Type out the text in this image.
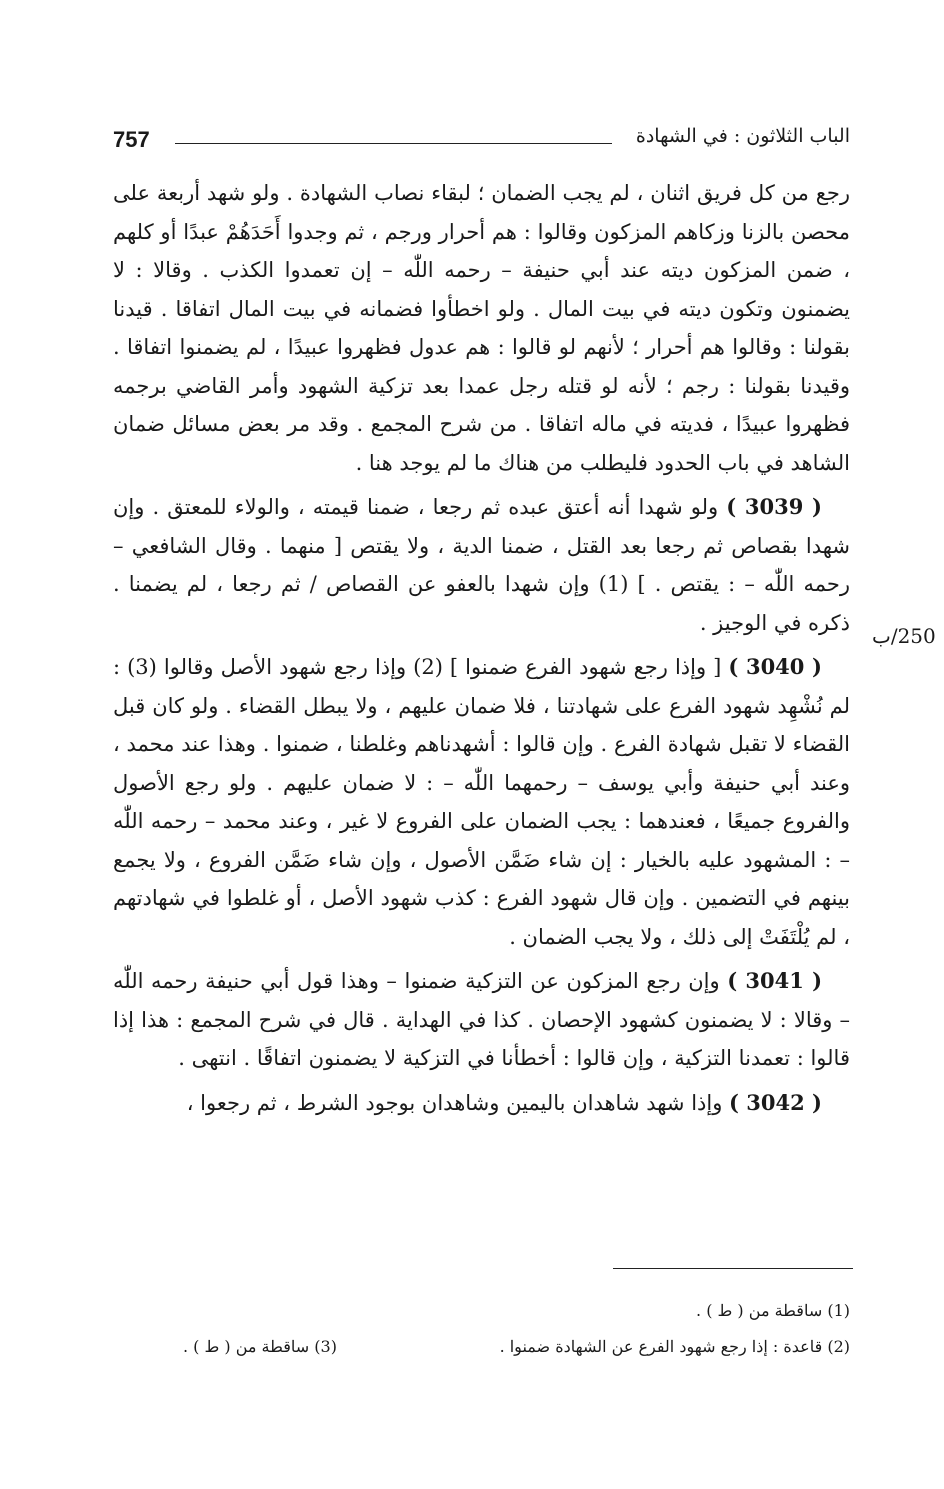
757	الباب الثلاثون : في الشهادة
250/ب

رجع من كل فريق اثنان ، لم يجب الضمان ؛ لبقاء نصاب الشهادة . ولو شهد أربعة على محصن بالزنا وزكاهم المزكون وقالوا : هم أحرار ورجم ، ثم وجدوا أَحَدَهُمْ عبدًا أو كلهم ، ضمن المزكون ديته عند أبي حنيفة – رحمه اللّٰه – إن تعمدوا الكذب . وقالا : لا يضمنون وتكون ديته في بيت المال . ولو اخطأوا فضمانه في بيت المال اتفاقا . قيدنا بقولنا : وقالوا هم أحرار ؛ لأنهم لو قالوا : هم عدول فظهروا عبيدًا ، لم يضمنوا اتفاقا . وقيدنا بقولنا : رجم ؛ لأنه لو قتله رجل عمدا بعد تزكية الشهود وأمر القاضي برجمه فظهروا عبيدًا ، فديته في ماله اتفاقا . من شرح المجمع . وقد مر بعض مسائل ضمان الشاهد في باب الحدود فليطلب من هناك ما لم يوجد هنا .

( 3039 ) ولو شهدا أنه أعتق عبده ثم رجعا ، ضمنا قيمته ، والولاء للمعتق . وإن شهدا بقصاص ثم رجعا بعد القتل ، ضمنا الدية ، ولا يقتص [ منهما . وقال الشافعي – رحمه اللّٰه – : يقتص . ] (1) وإن شهدا بالعفو عن القصاص / ثم رجعا ، لم يضمنا . ذكره في الوجيز .

( 3040 ) [ وإذا رجع شهود الفرع ضمنوا ] (2) وإذا رجع شهود الأصل وقالوا (3) : لم نُشْهِد شهود الفرع على شهادتنا ، فلا ضمان عليهم ، ولا يبطل القضاء . ولو كان قبل القضاء لا تقبل شهادة الفرع . وإن قالوا : أشهدناهم وغلطنا ، ضمنوا . وهذا عند محمد ، وعند أبي حنيفة وأبي يوسف – رحمهما اللّٰه – : لا ضمان عليهم . ولو رجع الأصول والفروع جميعًا ، فعندهما : يجب الضمان على الفروع لا غير ، وعند محمد – رحمه اللّٰه – : المشهود عليه بالخيار : إن شاء ضَمَّن الأصول ، وإن شاء ضَمَّن الفروع ، ولا يجمع بينهم في التضمين . وإن قال شهود الفرع : كذب شهود الأصل ، أو غلطوا في شهادتهم ، لم يُلْتَفَتْ إلى ذلك ، ولا يجب الضمان .

( 3041 ) وإن رجع المزكون عن التزكية ضمنوا – وهذا قول أبي حنيفة رحمه اللّٰه – وقالا : لا يضمنون كشهود الإحصان . كذا في الهداية . قال في شرح المجمع : هذا إذا قالوا : تعمدنا التزكية ، وإن قالوا : أخطأنا في التزكية لا يضمنون اتفاقًا . انتهى .

( 3042 ) وإذا شهد شاهدان باليمين وشاهدان بوجود الشرط ، ثم رجعوا ،

(1) ساقطة من ( ط ) .
(2) قاعدة : إذا رجع شهود الفرع عن الشهادة ضمنوا .
(3) ساقطة من ( ط ) .
